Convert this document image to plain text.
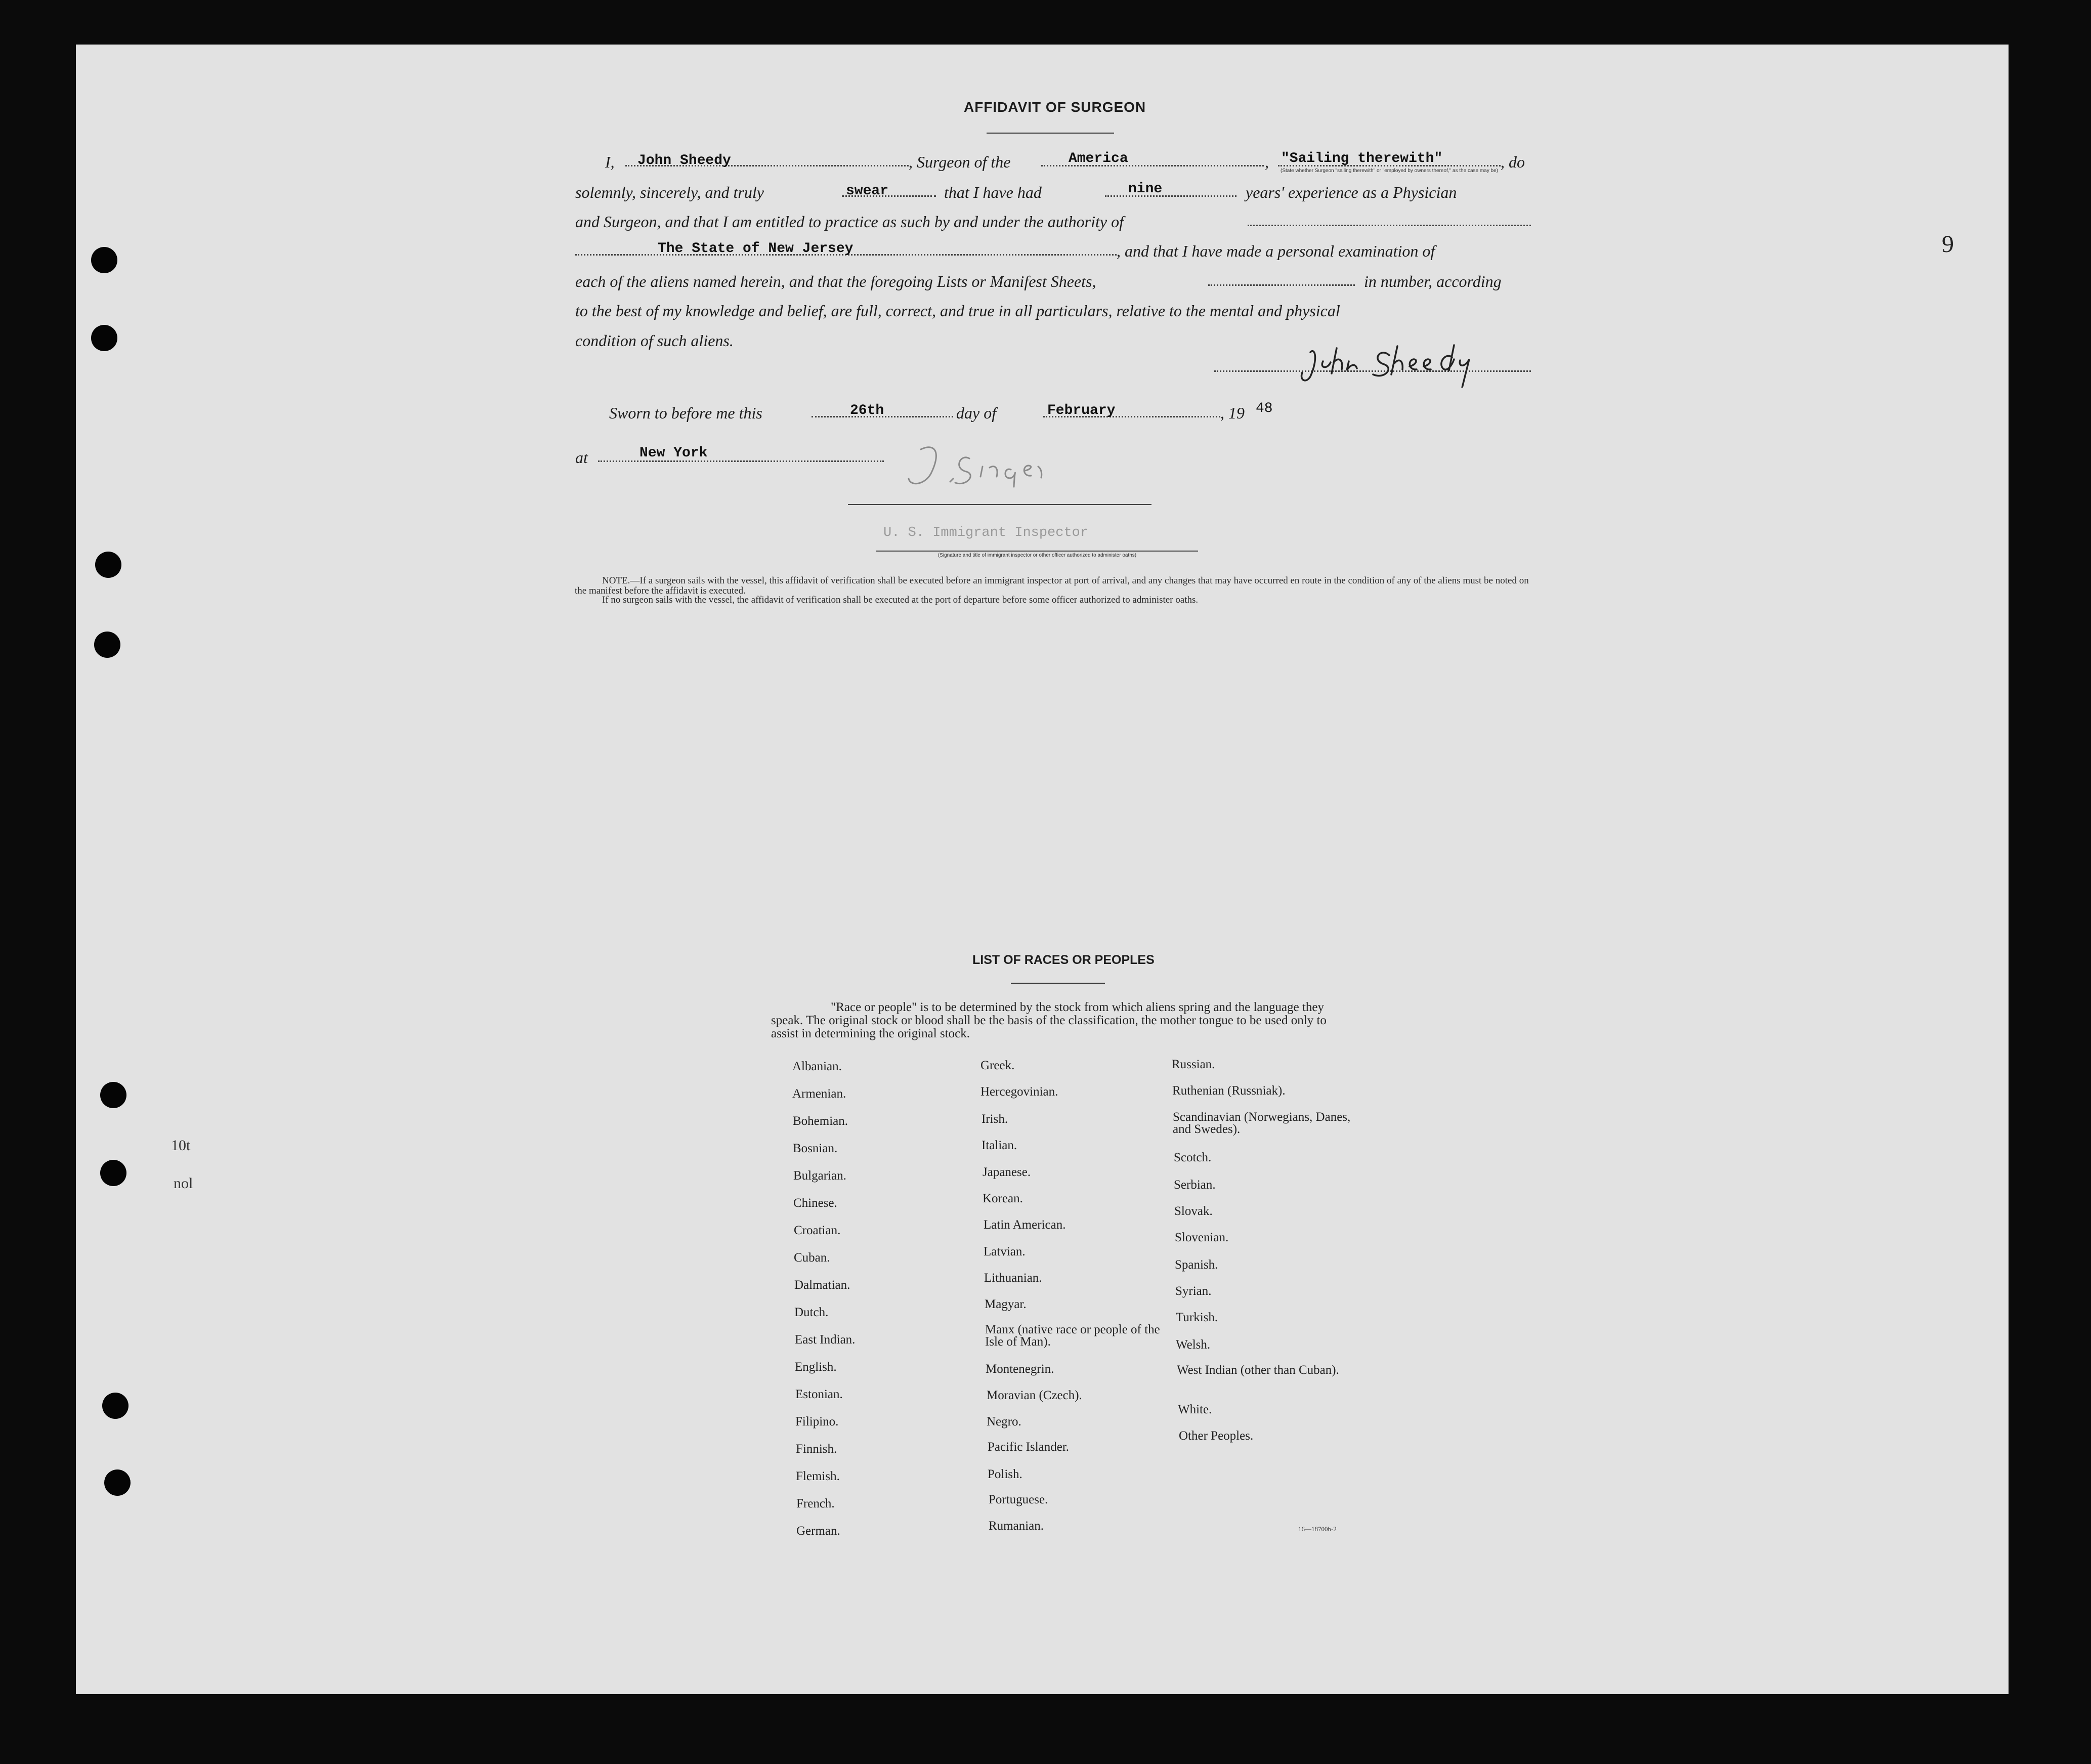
9
10t
nol
AFFIDAVIT OF SURGEON
I, John Sheedy	, Surgeon of the	America	, "Sailing therewith"	, do
(State whether Surgeon "sailing therewith" or "employed by owners thereof," as the case may be)
solemnly, sincerely, and truly	swear	that I have had	nine	years' experience as a Physician
and Surgeon, and that I am entitled to practice as such by and under the authority of
The State of New Jersey	, and that I have made a personal examination of
each of the aliens named herein, and that the foregoing Lists or Manifest Sheets,	in number, according
to the best of my knowledge and belief, are full, correct, and true in all particulars, relative to the mental and physical
condition of such aliens.
Sworn to before me this	26th	day of	February	, 19 48
at	New York
U. S. Immigrant Inspector
(Signature and title of immigrant inspector or other officer authorized to administer oaths)
NOTE.—If a surgeon sails with the vessel, this affidavit of verification shall be executed before an immigrant inspector at port of arrival, and any changes that may have occurred en route in the condition of any of the aliens must be noted on the manifest before the affidavit is executed.
If no surgeon sails with the vessel, the affidavit of verification shall be executed at the port of departure before some officer authorized to administer oaths.
LIST OF RACES OR PEOPLES
"Race or people" is to be determined by the stock from which aliens spring and the language they speak. The original stock or blood shall be the basis of the classification, the mother tongue to be used only to assist in determining the original stock.
Albanian.
Armenian.
Bohemian.
Bosnian.
Bulgarian.
Chinese.
Croatian.
Cuban.
Dalmatian.
Dutch.
East Indian.
English.
Estonian.
Filipino.
Finnish.
Flemish.
French.
German.
Greek.
Hercegovinian.
Irish.
Italian.
Japanese.
Korean.
Latin American.
Latvian.
Lithuanian.
Magyar.
Manx (native race or people of the Isle of Man).
Montenegrin.
Moravian (Czech).
Negro.
Pacific Islander.
Polish.
Portuguese.
Rumanian.
Russian.
Ruthenian (Russniak).
Scandinavian (Norwegians, Danes, and Swedes).
Scotch.
Serbian.
Slovak.
Slovenian.
Spanish.
Syrian.
Turkish.
Welsh.
West Indian (other than Cuban).
White.
Other Peoples.
16—18700b-2
